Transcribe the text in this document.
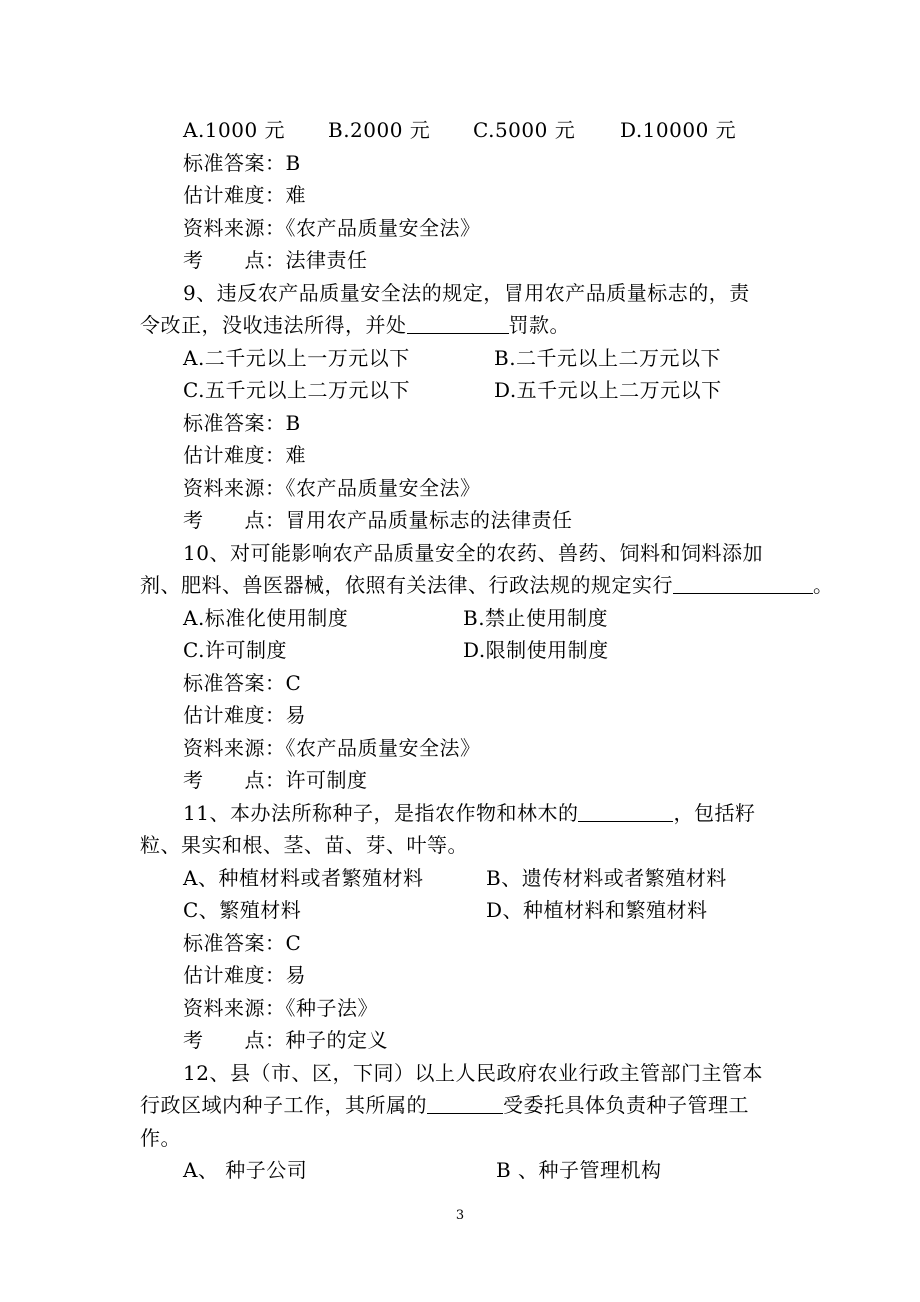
A.1000 元 B.2000 元 C.5000 元 D.10000 元
标准答案：B
估计难度：难
资料来源：《农产品质量安全法》
考　　点：法律责任
9、违反农产品质量安全法的规定，冒用农产品质量标志的，责
令改正，没收违法所得，并处	罚款。
A.二千元以上一万元以下	B.二千元以上二万元以下
C.五千元以上二万元以下	D.五千元以上二万元以下
标准答案：B
估计难度：难
资料来源：《农产品质量安全法》
考　　点：冒用农产品质量标志的法律责任
10、对可能影响农产品质量安全的农药、兽药、饲料和饲料添加
剂、肥料、兽医器械，依照有关法律、行政法规的规定实行	。
A.标准化使用制度	B.禁止使用制度
C.许可制度	D.限制使用制度
标准答案：C
估计难度：易
资料来源：《农产品质量安全法》
考　　点：许可制度
11、本办法所称种子，是指农作物和林木的	，包括籽
粒、果实和根、茎、苗、芽、叶等。
A、种植材料或者繁殖材料	B、遗传材料或者繁殖材料
C、繁殖材料	D、种植材料和繁殖材料
标准答案：C
估计难度：易
资料来源：《种子法》
考　　点：种子的定义
12、县（市、区，下同）以上人民政府农业行政主管部门主管本
行政区域内种子工作，其所属的	受委托具体负责种子管理工
作。
A、 种子公司	B 、种子管理机构
3
